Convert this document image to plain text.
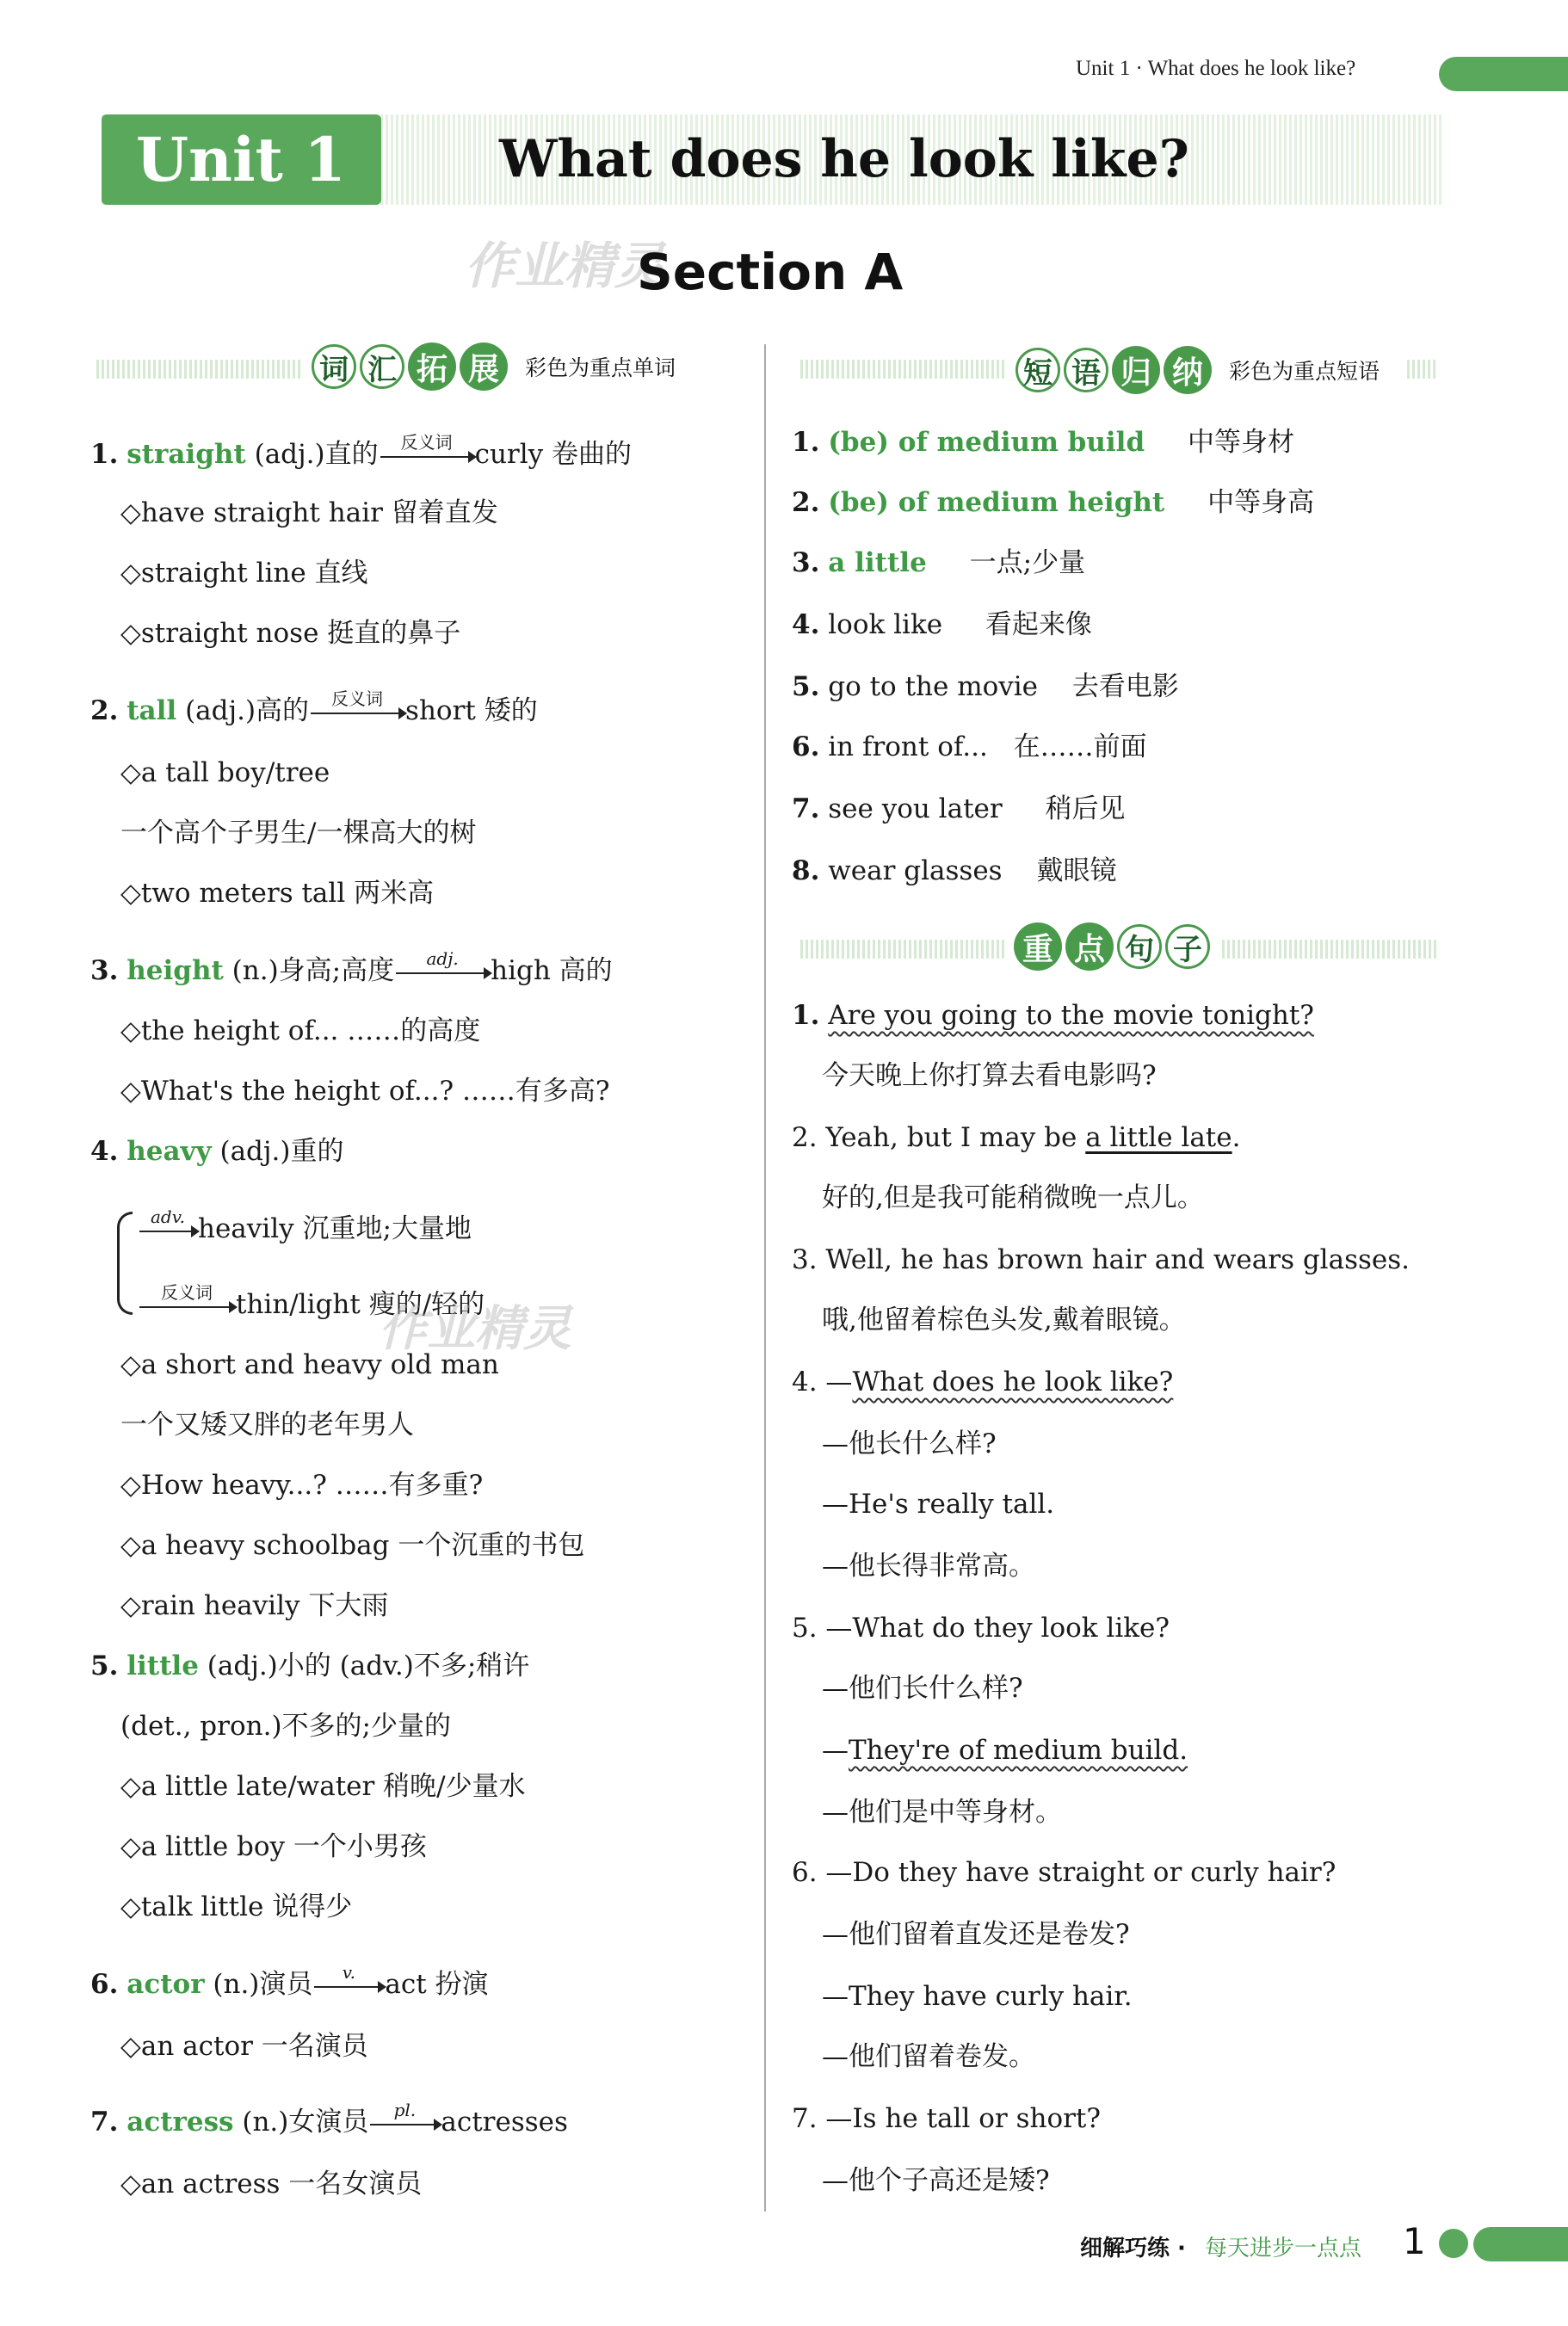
Unit 1 · What does he look like?
Unit 1	What does he look like?
作业精灵
Section A
词 汇 拓 展	彩色为重点单词	短 语 归 纳	彩色为重点短语
1. straight (adj.)直的	反义词 curly 卷曲的
◇have straight hair 留着直发
◇straight line 直线
◇straight nose 挺直的鼻子
2. tall (adj.)高的	反义词 short 矮的
◇a tall boy/tree
一个高个子男生/一棵高大的树
◇two meters tall 两米高
3. height (n.)身高;高度	adj.	high 高的
◇the height of... ……的高度
◇What's the height of...? ……有多高?
4. heavy (adj.)重的
adv. heavily 沉重地;大量地
反义词 thin/light 瘦的/轻的
作业精灵
◇a short and heavy old man
一个又矮又胖的老年男人
◇How heavy...? ……有多重?
◇a heavy schoolbag 一个沉重的书包
◇rain heavily 下大雨
5. little (adj.)小的 (adv.)不多;稍许
(det., pron.)不多的;少量的
◇a little late/water 稍晚/少量水
◇a little boy 一个小男孩
◇talk little 说得少
6. actor (n.)演员	v.	act 扮演
◇an actor 一名演员
7. actress (n.)女演员	pl. actresses
◇an actress 一名女演员
1. (be) of medium build 中等身材
2. (be) of medium height 中等身高
3. a little 一点;少量
4. look like 看起来像
5. go to the movie 去看电影
6. in front of... 在……前面
7. see you later 稍后见
8. wear glasses 戴眼镜
重 点 句 子
1. Are you going to the movie tonight?
今天晚上你打算去看电影吗?
2. Yeah, but I may be a little late.
好的,但是我可能稍微晚一点儿。
3. Well, he has brown hair and wears glasses.
哦,他留着棕色头发,戴着眼镜。
4. —What does he look like?
—他长什么样?
—He's really tall.
—他长得非常高。
5. —What do they look like?
—他们长什么样?
—They're of medium build.
—他们是中等身材。
6. —Do they have straight or curly hair?
—他们留着直发还是卷发?
—They have curly hair.
—他们留着卷发。
7. —Is he tall or short?
—他个子高还是矮?
细解巧练 · 每天进步一点点 1
